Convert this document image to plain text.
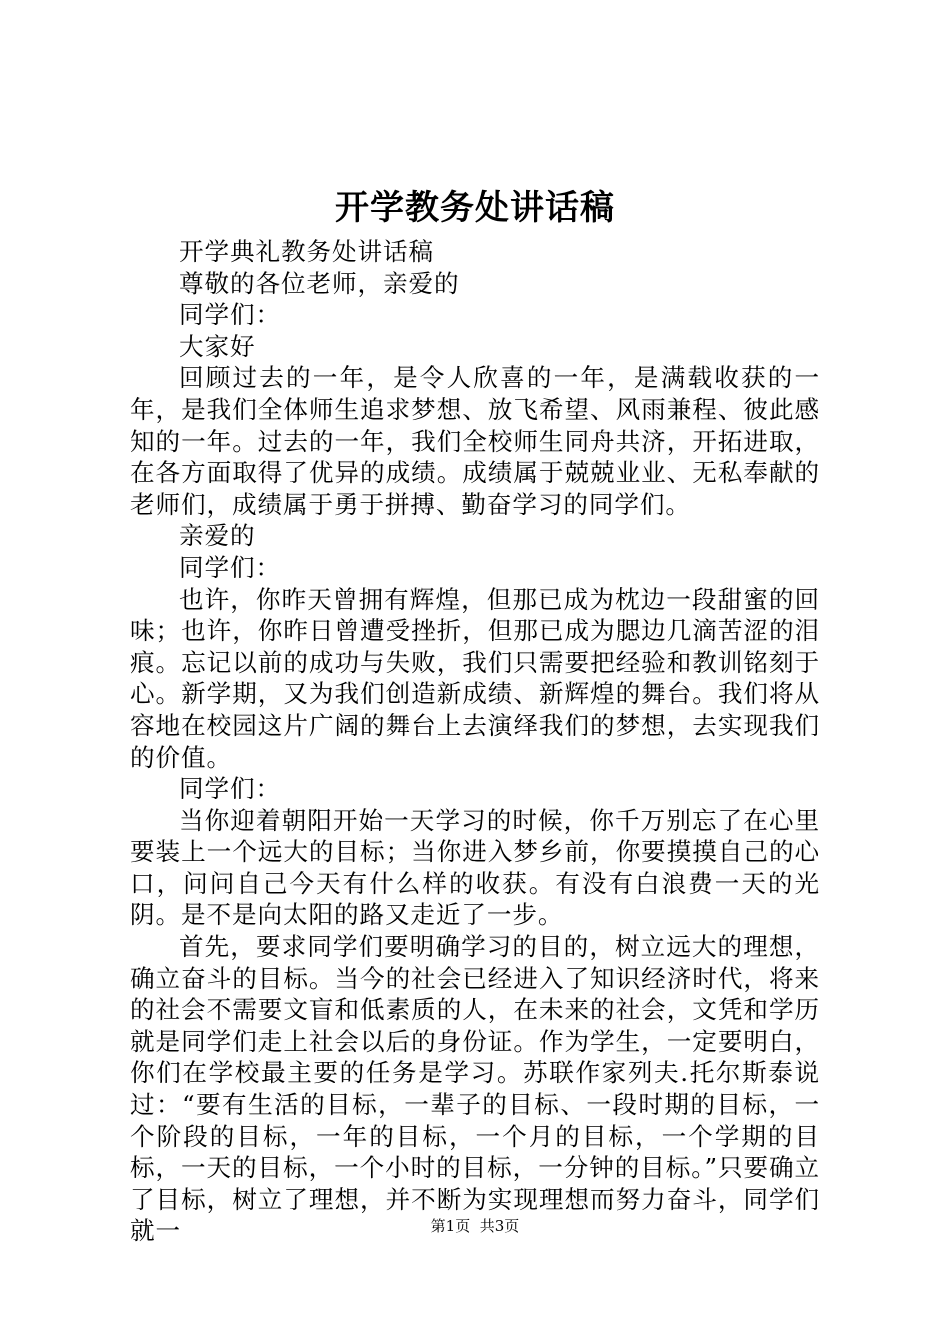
开学教务处讲话稿

开学典礼教务处讲话稿

尊敬的各位老师，亲爱的

同学们：

大家好

回顾过去的一年，是令人欣喜的一年，是满载收获的一年，是我们全体师生追求梦想、放飞希望、风雨兼程、彼此感知的一年。过去的一年，我们全校师生同舟共济，开拓进取，在各方面取得了优异的成绩。成绩属于兢兢业业、无私奉献的老师们，成绩属于勇于拼搏、勤奋学习的同学们。

亲爱的

同学们：

也许，你昨天曾拥有辉煌，但那已成为枕边一段甜蜜的回味；也许，你昨日曾遭受挫折，但那已成为腮边几滴苦涩的泪痕。忘记以前的成功与失败，我们只需要把经验和教训铭刻于心。新学期，又为我们创造新成绩、新辉煌的舞台。我们将从容地在校园这片广阔的舞台上去演绎我们的梦想，去实现我们的价值。

同学们：

当你迎着朝阳开始一天学习的时候，你千万别忘了在心里要装上一个远大的目标；当你进入梦乡前，你要摸摸自己的心口，问问自己今天有什么样的收获。有没有白浪费一天的光阴。是不是向太阳的路又走近了一步。

首先，要求同学们要明确学习的目的，树立远大的理想，确立奋斗的目标。当今的社会已经进入了知识经济时代，将来的社会不需要文盲和低素质的人，在未来的社会，文凭和学历就是同学们走上社会以后的身份证。作为学生，一定要明白，你们在学校最主要的任务是学习。苏联作家列夫.托尔斯泰说过：“要有生活的目标，一辈子的目标、一段时期的目标，一个阶段的目标，一年的目标，一个月的目标，一个学期的目标，一天的目标，一个小时的目标，一分钟的目标。”只要确立了目标，树立了理想，并不断为实现理想而努力奋斗，同学们就一	第1页 共3页
